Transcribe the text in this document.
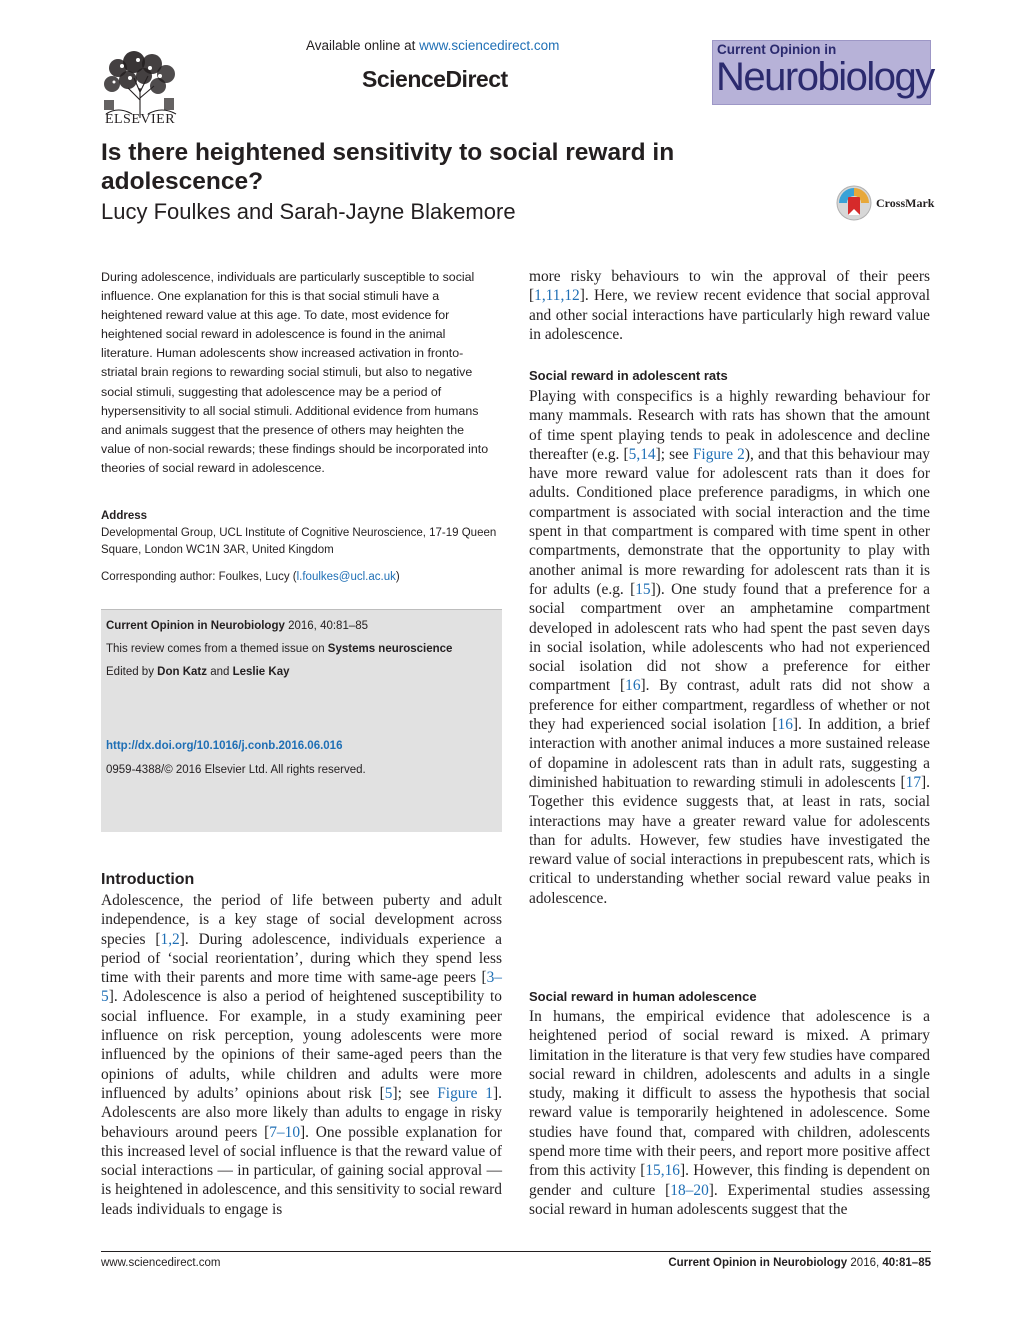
ELSEVIER
Available online at www.sciencedirect.com
ScienceDirect
Current Opinion in
Neurobiology
Is there heightened sensitivity to social reward in adolescence?
Lucy Foulkes and Sarah-Jayne Blakemore	CrossMark
During adolescence, individuals are particularly susceptible to social influence. One explanation for this is that social stimuli have a heightened reward value at this age. To date, most evidence for heightened social reward in adolescence is found in the animal literature. Human adolescents show increased activation in fronto-striatal brain regions to rewarding social stimuli, but also to negative social stimuli, suggesting that adolescence may be a period of hypersensitivity to all social stimuli. Additional evidence from humans and animals suggest that the presence of others may heighten the value of non-social rewards; these findings should be incorporated into theories of social reward in adolescence.
Address
Developmental Group, UCL Institute of Cognitive Neuroscience, 17-19 Queen Square, London WC1N 3AR, United Kingdom
Corresponding author: Foulkes, Lucy (l.foulkes@ucl.ac.uk)
Current Opinion in Neurobiology 2016, 40:81–85
This review comes from a themed issue on Systems neuroscience
Edited by Don Katz and Leslie Kay
http://dx.doi.org/10.1016/j.conb.2016.06.016
0959-4388/© 2016 Elsevier Ltd. All rights reserved.
Introduction
Adolescence, the period of life between puberty and adult independence, is a key stage of social development across species [1,2]. During adolescence, individuals experience a period of ‘social reorientation’, during which they spend less time with their parents and more time with same-age peers [3–5]. Adolescence is also a period of heightened susceptibility to social influence. For example, in a study examining peer influence on risk perception, young adolescents were more influenced by the opinions of their same-aged peers than the opinions of adults, while children and adults were more influenced by adults’ opinions about risk [5]; see Figure 1]. Adolescents are also more likely than adults to engage in risky behaviours around peers [7–10]. One possible explanation for this increased level of social influence is that the reward value of social interactions — in particular, of gaining social approval — is heightened in adolescence, and this sensitivity to social reward leads individuals to engage is
more risky behaviours to win the approval of their peers [1,11,12]. Here, we review recent evidence that social approval and other social interactions have particularly high reward value in adolescence.
Social reward in adolescent rats
Playing with conspecifics is a highly rewarding behaviour for many mammals. Research with rats has shown that the amount of time spent playing tends to peak in adolescence and decline thereafter (e.g. [5,14]; see Figure 2), and that this behaviour may have more reward value for adolescent rats than it does for adults. Conditioned place preference paradigms, in which one compartment is associated with social interaction and the time spent in that compartment is compared with time spent in other compartments, demonstrate that the opportunity to play with another animal is more rewarding for adolescent rats than it is for adults (e.g. [15]). One study found that a preference for a social compartment over an amphetamine compartment developed in adolescent rats who had spent the past seven days in social isolation, while adolescents who had not experienced social isolation did not show a preference for either compartment [16]. By contrast, adult rats did not show a preference for either compartment, regardless of whether or not they had experienced social isolation [16]. In addition, a brief interaction with another animal induces a more sustained release of dopamine in adolescent rats than in adult rats, suggesting a diminished habituation to rewarding stimuli in adolescents [17]. Together this evidence suggests that, at least in rats, social interactions may have a greater reward value for adolescents than for adults. However, few studies have investigated the reward value of social interactions in prepubescent rats, which is critical to understanding whether social reward value peaks in adolescence.
Social reward in human adolescence
In humans, the empirical evidence that adolescence is a heightened period of social reward is mixed. A primary limitation in the literature is that very few studies have compared social reward in children, adolescents and adults in a single study, making it difficult to assess the hypothesis that social reward value is temporarily heightened in adolescence. Some studies have found that, compared with children, adolescents spend more time with their peers, and report more positive affect from this activity [15,16]. However, this finding is dependent on gender and culture [18–20]. Experimental studies assessing social reward in human adolescents suggest that the
www.sciencedirect.com	Current Opinion in Neurobiology 2016, 40:81–85
